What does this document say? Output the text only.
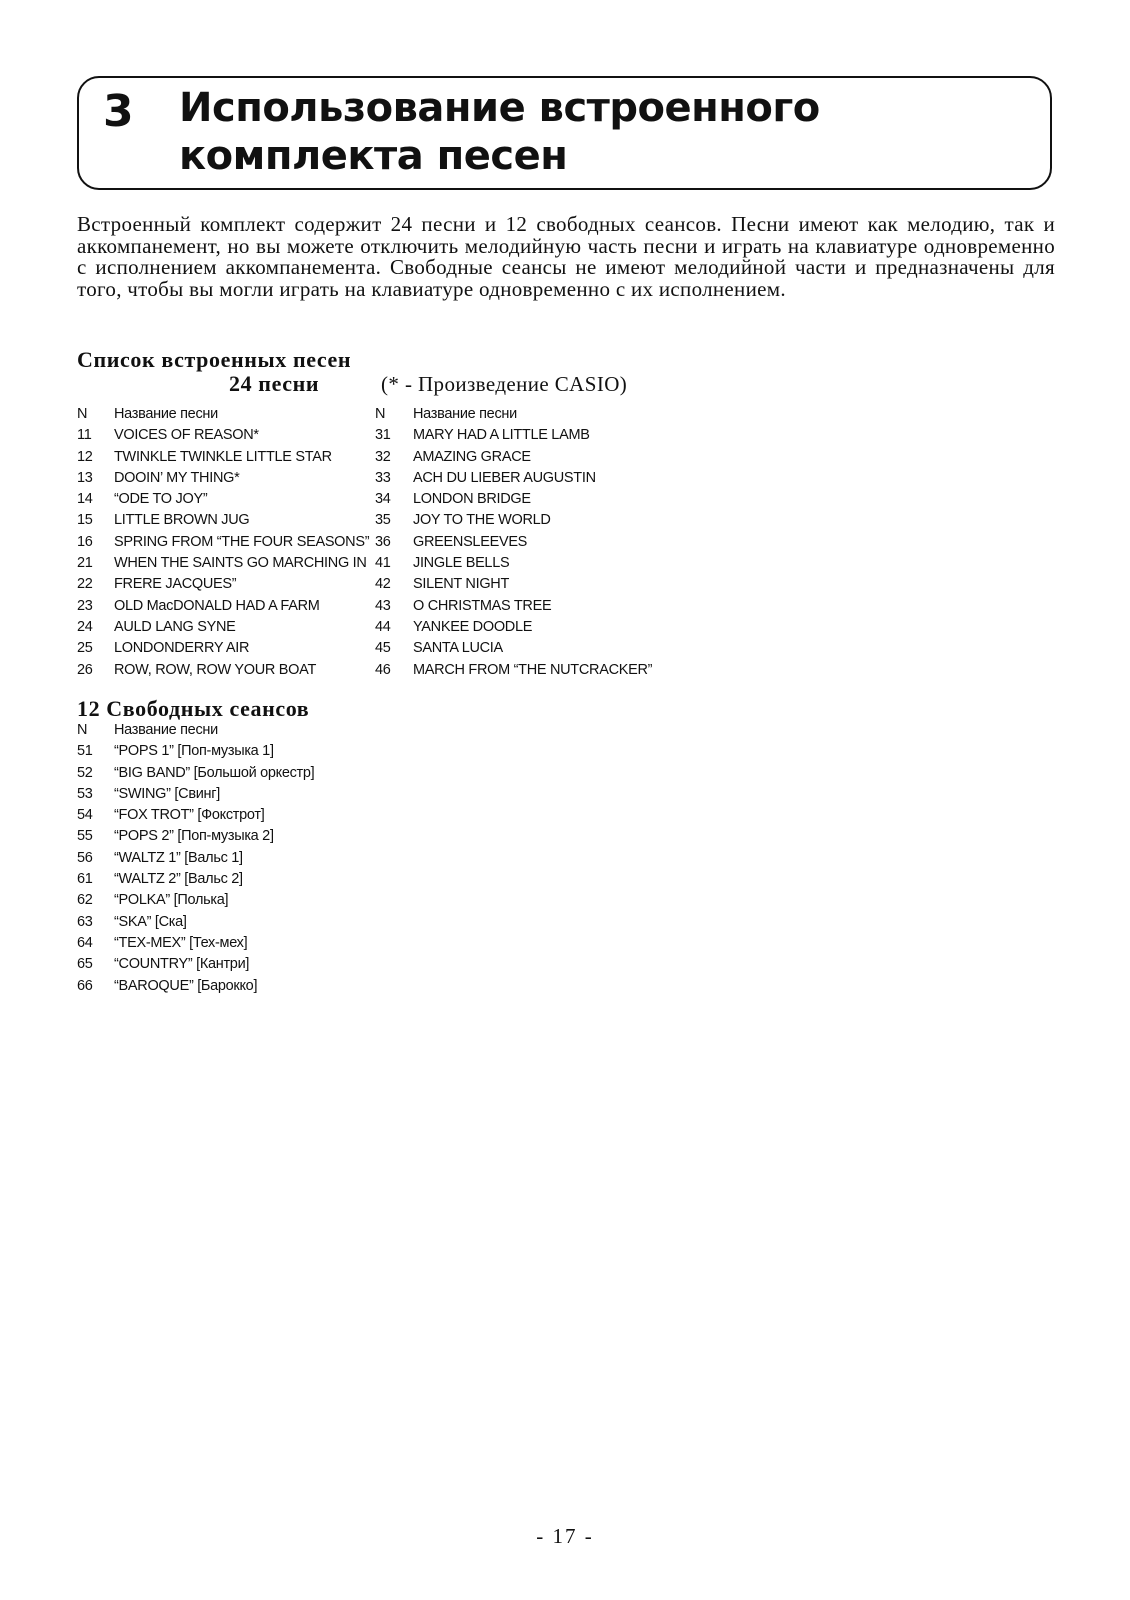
3 Использование встроенного
комплекта песен

Встроенный комплект содержит 24 песни и 12 свободных сеансов. Песни имеют как мелодию, так и аккомпанемент, но вы можете отключить мелодийную часть песни и играть на клавиатуре одновременно с исполнением аккомпанемента. Свободные сеансы не имеют мелодийной части и предназначены для того, чтобы вы могли играть на клавиатуре одновременно с их исполнением.

Список встроенных песен
24 песни	(* - Произведение CASIO)
N Название песни	N Название песни
11 VOICES OF REASON*	31 MARY HAD A LITTLE LAMB
12 TWINKLE TWINKLE LITTLE STAR	32 AMAZING GRACE
13 DOOIN’ MY THING*	33 ACH DU LIEBER AUGUSTIN
14 “ODE TO JOY”	34 LONDON BRIDGE
15 LITTLE BROWN JUG	35 JOY TO THE WORLD
16 SPRING FROM “THE FOUR SEASONS” 36 GREENSLEEVES
21 WHEN THE SAINTS GO MARCHING IN 41 JINGLE BELLS
22 FRERE JACQUES”	42 SILENT NIGHT
23 OLD MacDONALD HAD A FARM	43 O CHRISTMAS TREE
24 AULD LANG SYNE	44 YANKEE DOODLE
25 LONDONDERRY AIR	45 SANTA LUCIA
26 ROW, ROW, ROW YOUR BOAT	46 MARCH FROM “THE NUTCRACKER”
12 Свободных сеансов
N Название песни
51 “POPS 1” [Поп-музыка 1]
52 “BIG BAND” [Большой оркестр]
53 “SWING” [Свинг]
54 “FOX TROT” [Фокстрот]
55 “POPS 2” [Поп-музыка 2]
56 “WALTZ 1” [Вальс 1]
61 “WALTZ 2” [Вальс 2]
62 “POLKA” [Полька]
63 “SKA” [Ска]
64 “TEX-MEX” [Тех-мех]
65 “COUNTRY” [Кантри]
66 “BAROQUE” [Барокко]
- 17 -
